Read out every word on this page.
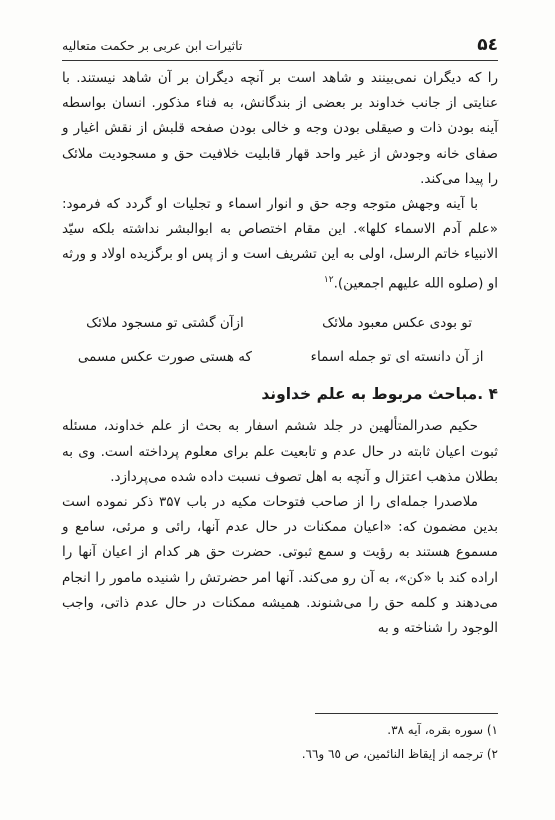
۵٤
تاثیرات ابن عربی بر حکمت متعالیه

را که دیگران نمی‌بینند و شاهد است بر آنچه دیگران بر آن شاهد نیستند. با عنایتی از جانب خداوند بر بعضی از بندگانش، به فناء مذکور. انسان بواسطه آینه بودن ذات و صیقلی بودن وجه و خالی بودن صفحه قلبش از نقش اغیار و صفای خانه وجودش از غیر واحد قهار قابلیت خلافیت حق و مسجودیت ملائک را پیدا می‌کند.

با آینه وجهش متوجه وجه حق و انوار اسماء و تجلیات او گردد که فرمود: «علم آدم الاسماء کلها». این مقام اختصاص به ابوالبشر نداشته بلکه سیّد الانبیاء خاتم الرسل، اولی به این تشریف است و از پس او برگزیده اولاد و ورثه او (صلوه الله علیهم اجمعین).$^{١٢}$

تو بودی عکس معبود ملائک
ازآن گشتی تو مسجود ملائک
از آن دانسته ای تو جمله اسماء
که هستی صورت عکس مسمی
۴ .مباحث مربوط به علم خداوند

حکیم صدرالمتألهین در جلد ششم اسفار به بحث از علم خداوند، مسئله ثبوت اعیان ثابته در حال عدم و تابعیت علم برای معلوم پرداخته است. وی به بطلان مذهب اعتزال و آنچه به اهل تصوف نسبت داده شده می‌پردازد.

ملاصدرا جمله‌ای را از صاحب فتوحات مکیه در باب ۳۵۷ ذکر نموده است بدین مضمون که: «اعیان ممکنات در حال عدم آنها، رائی و مرئی، سامع و مسموع هستند به رؤیت و سمع ثبوتی. حضرت حق هر کدام از اعیان آنها را اراده کند با «کن»، به آن رو می‌کند. آنها امر حضرتش را شنیده مامور را انجام می‌دهند و کلمه حق را می‌شنوند. همیشه ممکنات در حال عدم ذاتی، واجب الوجود را شناخته و به

۱) سوره بقره، آیه ۳۸.
۲) ترجمه از إیقاظ النائمین، ص ٦٥ و٦٦.
